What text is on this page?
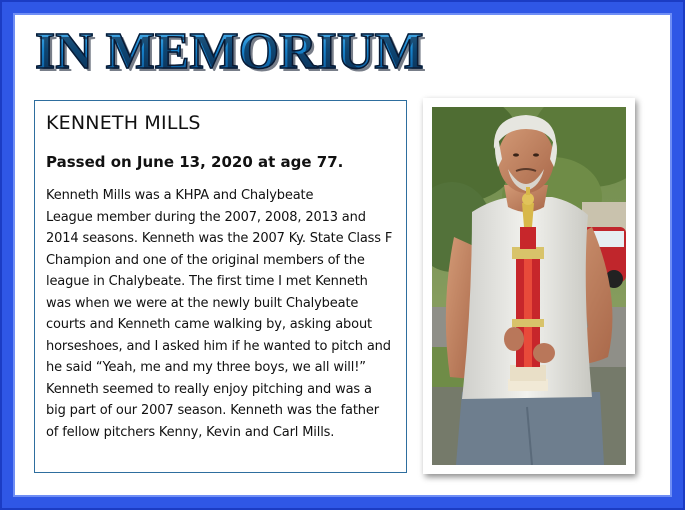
IN MEMORIUM
KENNETH MILLS

Passed on June 13, 2020 at age 77.

Kenneth Mills was a KHPA and Chalybeate
League member during the 2007, 2008, 2013 and
2014 seasons. Kenneth was the 2007 Ky. State Class F
Champion and one of the original members of the
league in Chalybeate. The first time I met Kenneth
was when we were at the newly built Chalybeate
courts and Kenneth came walking by, asking about
horseshoes, and I asked him if he wanted to pitch and
he said “Yeah, me and my three boys, we all will!”
Kenneth seemed to really enjoy pitching and was a
big part of our 2007 season. Kenneth was the father
of fellow pitchers Kenny, Kevin and Carl Mills.
